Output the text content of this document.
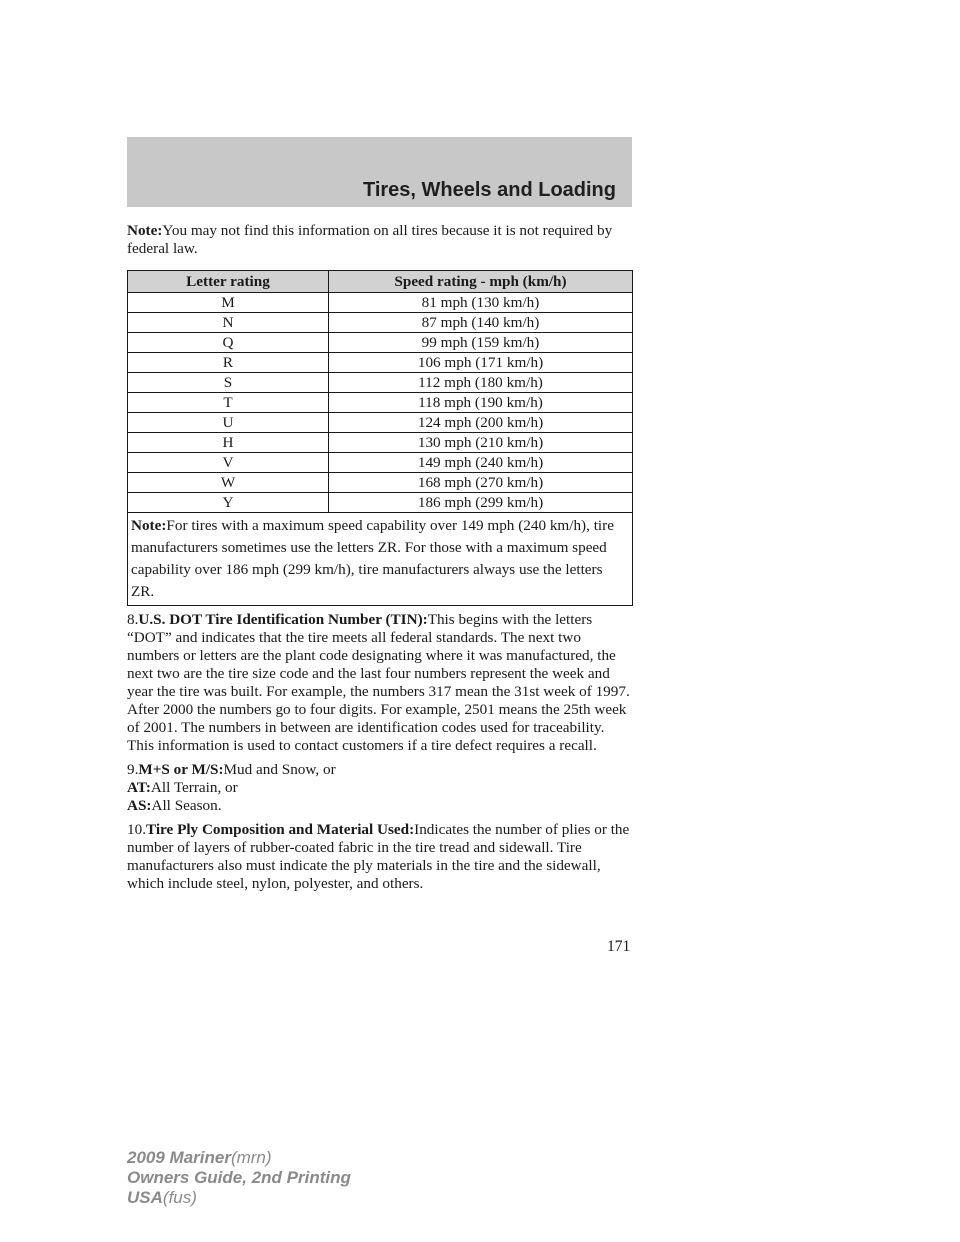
Tires, Wheels and Loading

Note:You may not find this information on all tires because it is not required by federal law.

Letter rating	Speed rating - mph (km/h)
M	81 mph (130 km/h)
N	87 mph (140 km/h)
Q	99 mph (159 km/h)
R	106 mph (171 km/h)
S	112 mph (180 km/h)
T	118 mph (190 km/h)
U	124 mph (200 km/h)
H	130 mph (210 km/h)
V	149 mph (240 km/h)
W	168 mph (270 km/h)
Y	186 mph (299 km/h)
Note:For tires with a maximum speed capability over 149 mph (240 km/h), tire manufacturers sometimes use the letters ZR. For those with a maximum speed capability over 186 mph (299 km/h), tire manufacturers always use the letters ZR.	

8.U.S. DOT Tire Identification Number (TIN):This begins with the letters “DOT” and indicates that the tire meets all federal standards. The next two numbers or letters are the plant code designating where it was manufactured, the next two are the tire size code and the last four numbers represent the week and year the tire was built. For example, the numbers 317 mean the 31st week of 1997. After 2000 the numbers go to four digits. For example, 2501 means the 25th week of 2001. The numbers in between are identification codes used for traceability. This information is used to contact customers if a tire defect requires a recall.

9.M+S or M/S:Mud and Snow, or

AT:All Terrain, or

AS:All Season.

10.Tire Ply Composition and Material Used:Indicates the number of plies or the number of layers of rubber-coated fabric in the tire tread and sidewall. Tire manufacturers also must indicate the ply materials in the tire and the sidewall, which include steel, nylon, polyester, and others.

171
2009 Mariner(mrn)
Owners Guide, 2nd Printing
USA(fus)
